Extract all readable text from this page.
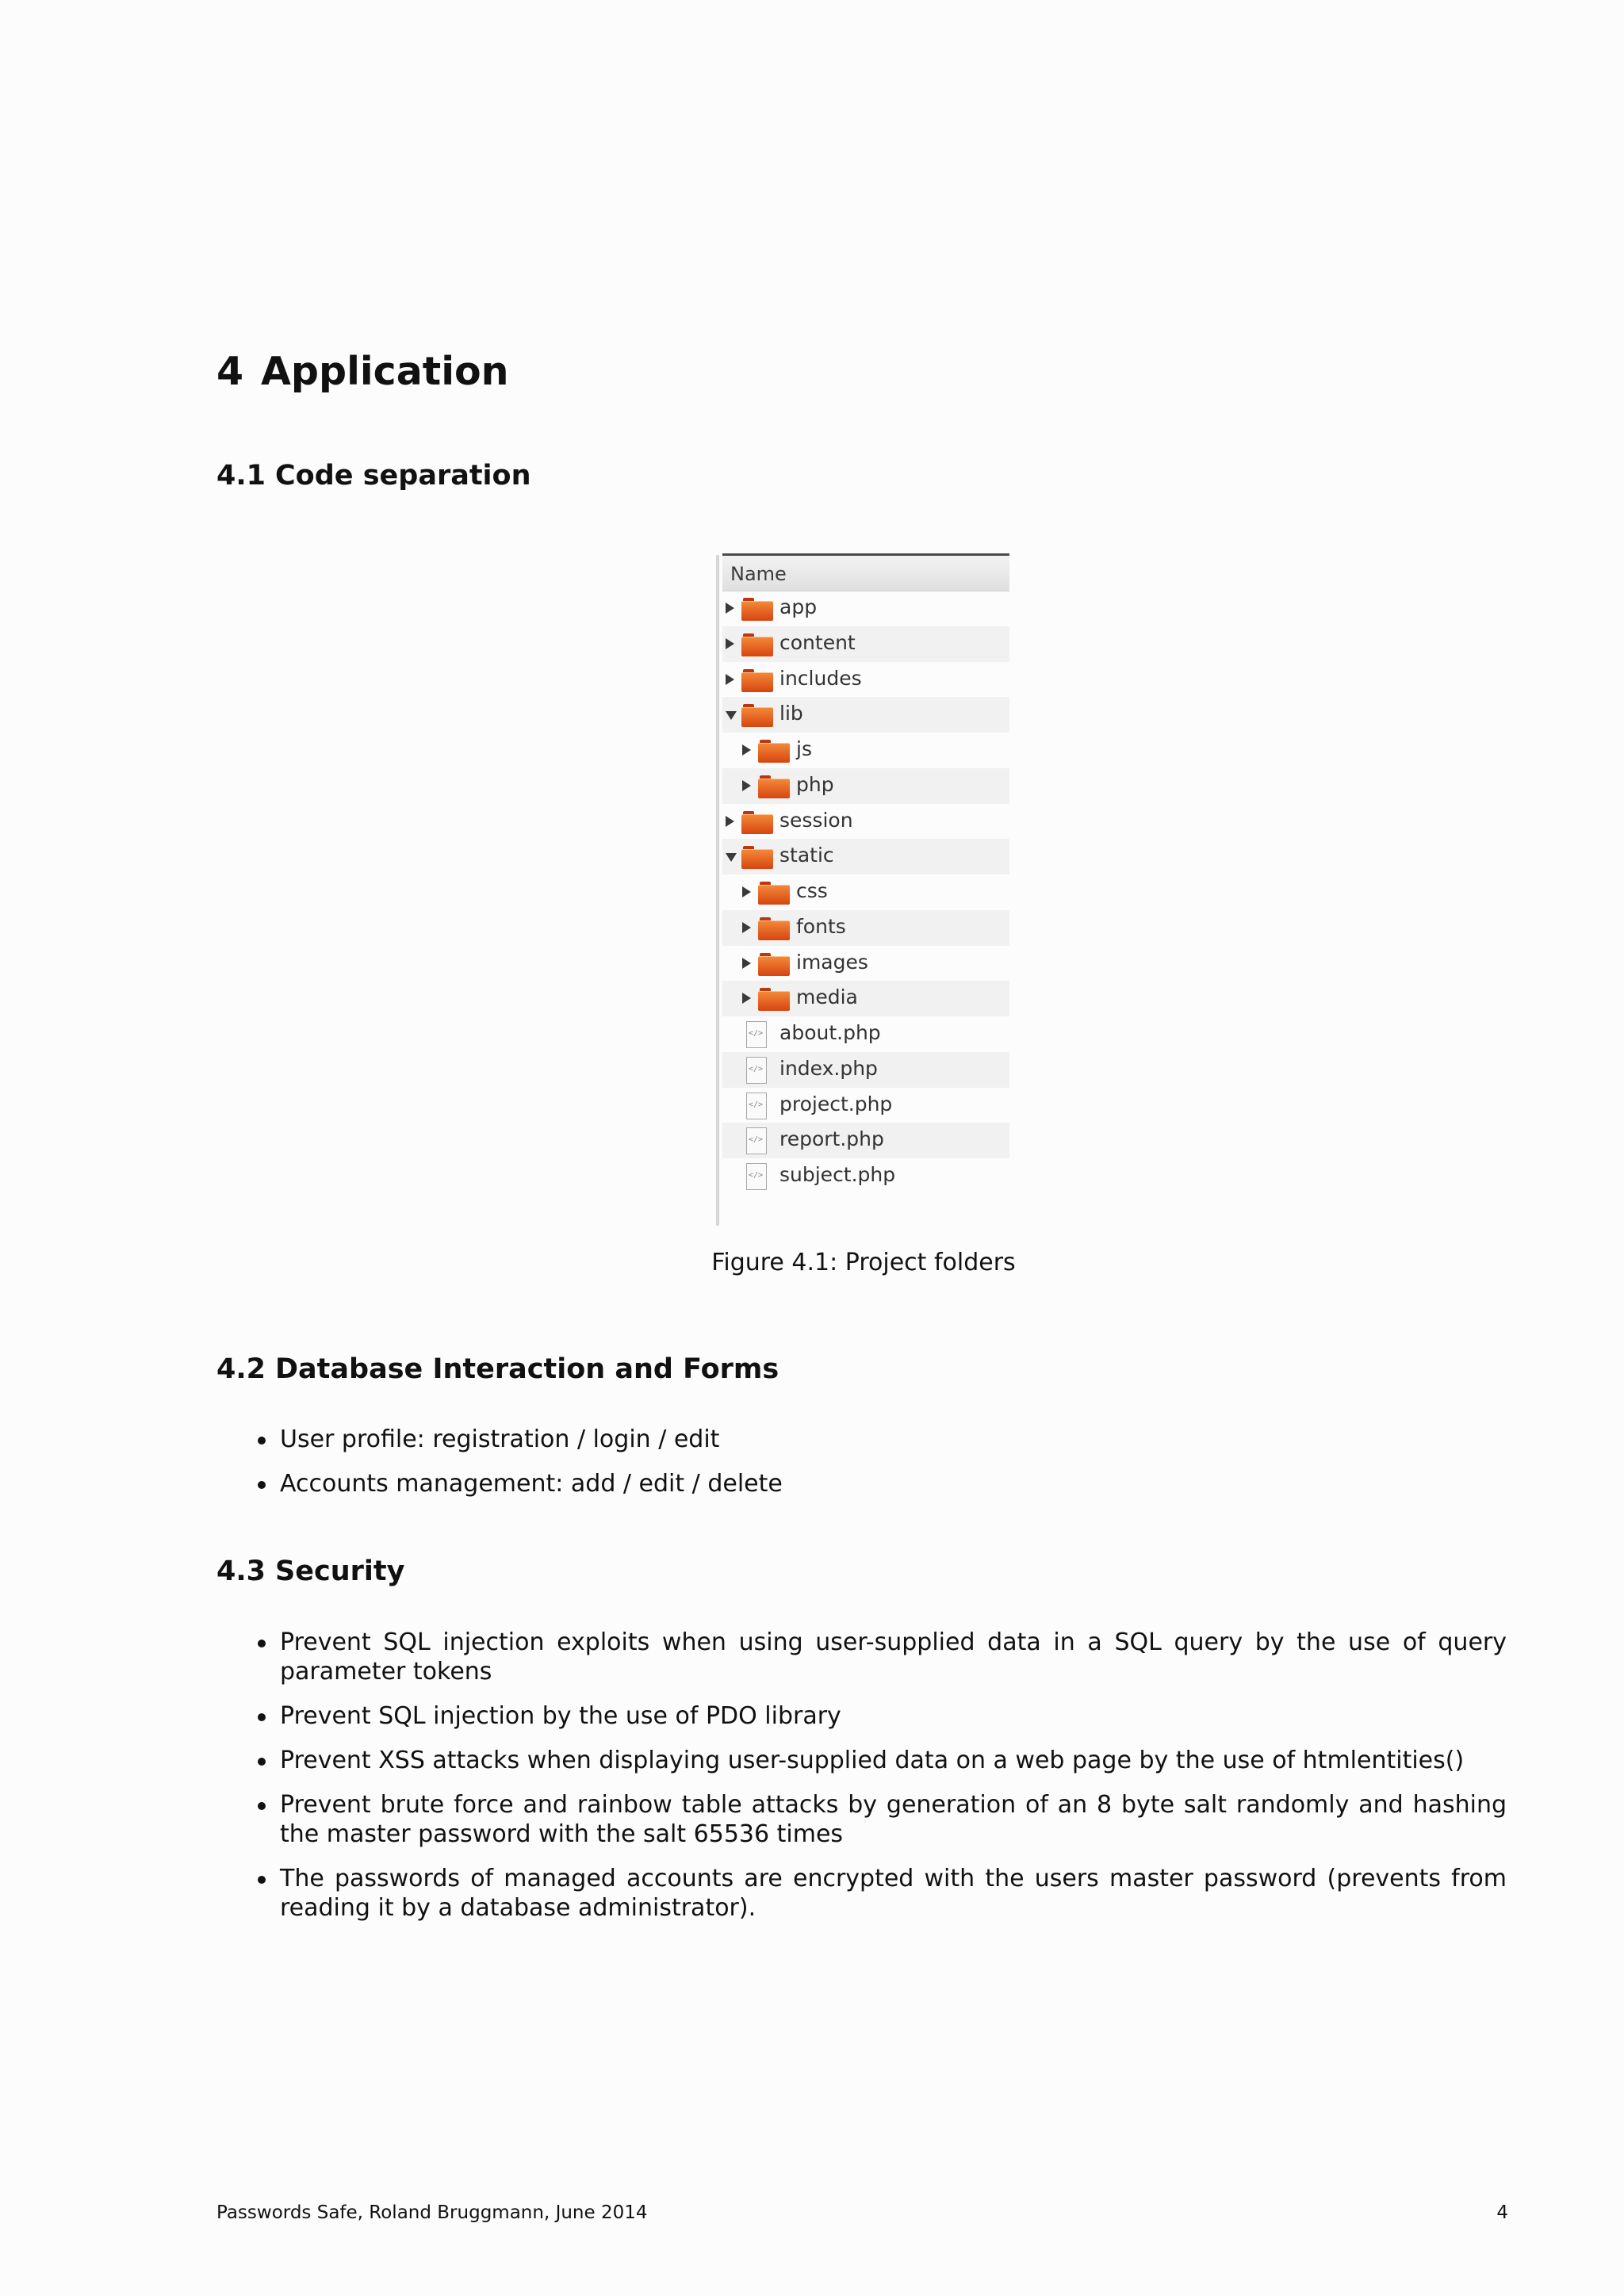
4 Application
4.1 Code separation
Name
app
content
includes
lib
js
php
session
static
css
fonts
images
media
</>
about.php
</>
index.php
</>
project.php
</>
report.php
</>
subject.php
Figure 4.1: Project folders
4.2 Database Interaction and Forms
User profile: registration / login / edit
Accounts management: add / edit / delete
4.3 Security
Prevent SQL injection exploits when using user-supplied data in a SQL query by the use of query parameter tokens
Prevent SQL injection by the use of PDO library
Prevent XSS attacks when displaying user-supplied data on a web page by the use of htmlentities()
Prevent brute force and rainbow table attacks by generation of an 8 byte salt randomly and hashing the master password with the salt 65536 times
The passwords of managed accounts are encrypted with the users master password (prevents from reading it by a database administrator).
Passwords Safe, Roland Bruggmann, June 2014	4
